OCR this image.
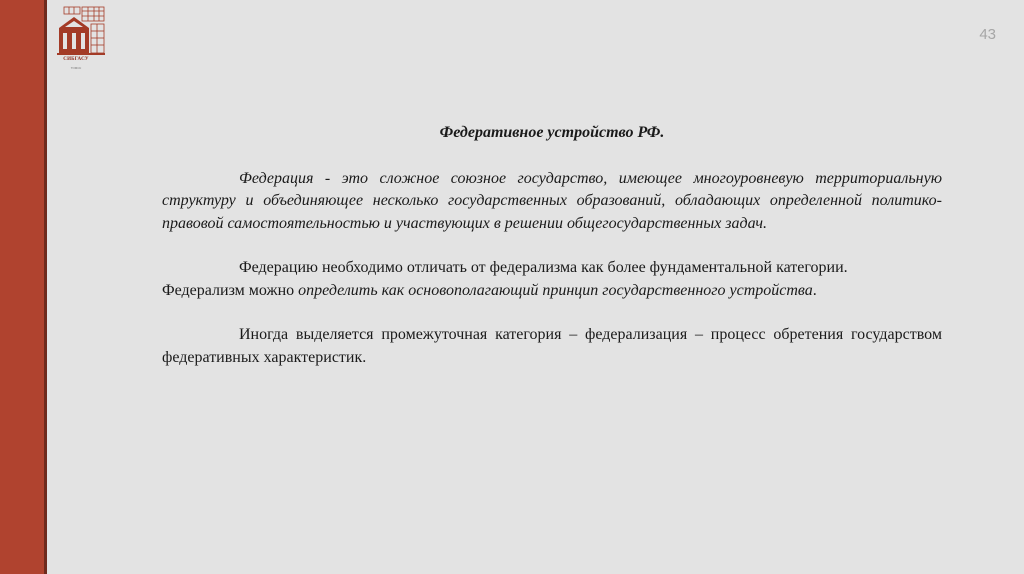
СИБГАСУ
ТОМСК
43

Федеративное устройство РФ.

Федерация - это сложное союзное государство, имеющее многоуровневую территориальную структуру и объединяющее несколько государственных образований, обладающих определенной политико-правовой самостоятельностью и участвующих в решении общегосударственных задач.

Федерацию необходимо отличать от федерализма как более фундаментальной категории.

Федерализм можно определить как основополагающий принцип государственного устройства.

Иногда выделяется промежуточная категория – федерализация – процесс обретения государством федеративных характеристик.
